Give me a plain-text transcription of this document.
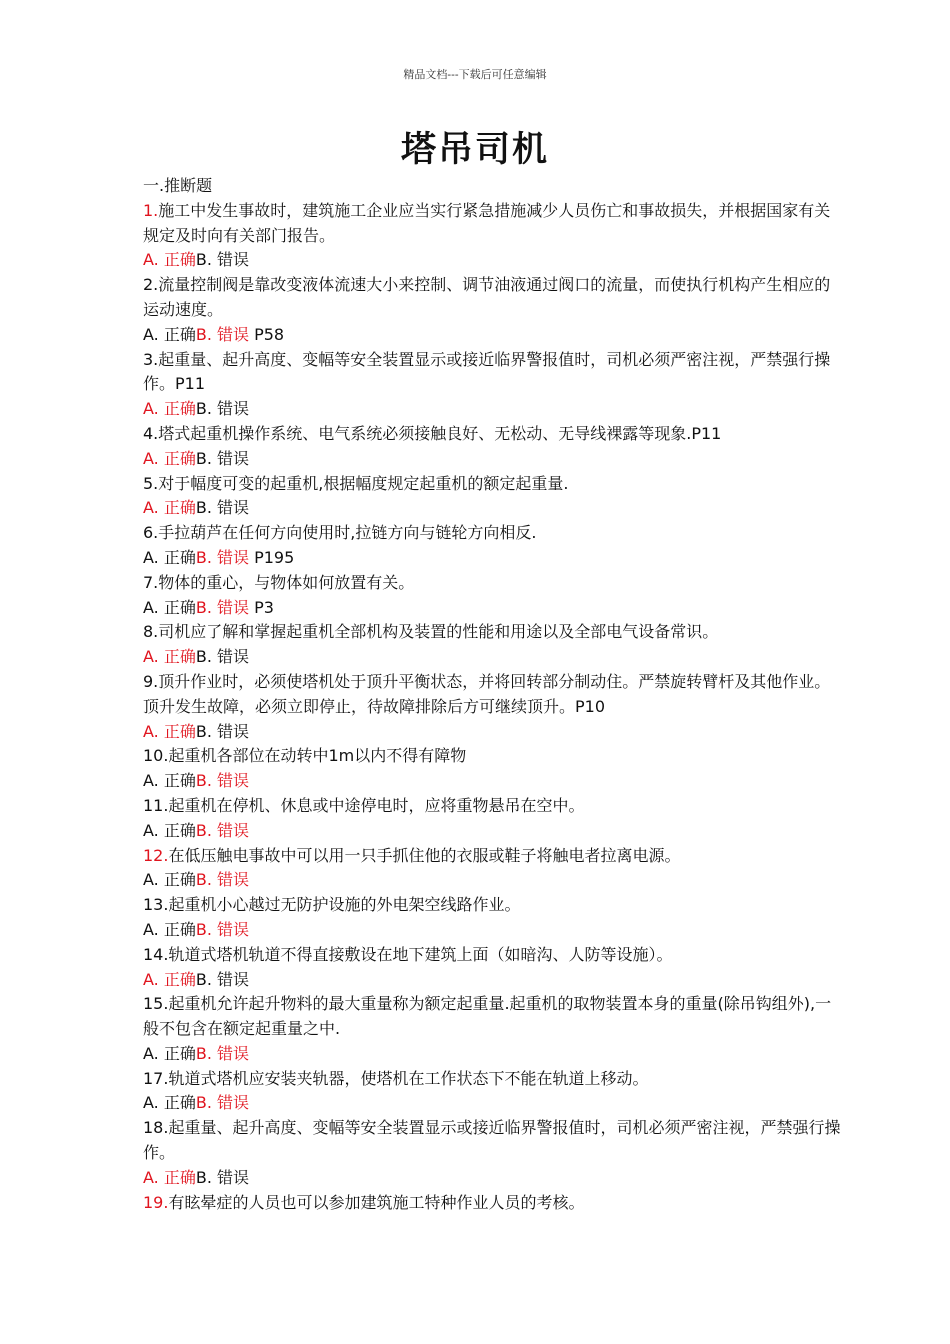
精品文档---下载后可任意编辑
塔吊司机

一.推断题

1.施工中发生事故时，建筑施工企业应当实行紧急措施减少人员伤亡和事故损失，并根据国家有关规定及时向有关部门报告。

A. 正确B. 错误

2.流量控制阀是靠改变液体流速大小来控制、调节油液通过阀口的流量，而使执行机构产生相应的运动速度。

A. 正确B. 错误 P58

3.起重量、起升高度、变幅等安全装置显示或接近临界警报值时，司机必须严密注视，严禁强行操作。P11

A. 正确B. 错误

4.塔式起重机操作系统、电气系统必须接触良好、无松动、无导线裸露等现象.P11

A. 正确B. 错误

5.对于幅度可变的起重机,根据幅度规定起重机的额定起重量.

A. 正确B. 错误

6.手拉葫芦在任何方向使用时,拉链方向与链轮方向相反.

A. 正确B. 错误 P195

7.物体的重心，与物体如何放置有关。

A. 正确B. 错误 P3

8.司机应了解和掌握起重机全部机构及装置的性能和用途以及全部电气设备常识。

A. 正确B. 错误

9.顶升作业时，必须使塔机处于顶升平衡状态，并将回转部分制动住。严禁旋转臂杆及其他作业。顶升发生故障，必须立即停止，待故障排除后方可继续顶升。P10

A. 正确B. 错误

10.起重机各部位在动转中1m以内不得有障物

A. 正确B. 错误

11.起重机在停机、休息或中途停电时，应将重物悬吊在空中。

A. 正确B. 错误

12.在低压触电事故中可以用一只手抓住他的衣服或鞋子将触电者拉离电源。

A. 正确B. 错误

13.起重机小心越过无防护设施的外电架空线路作业。

A. 正确B. 错误

14.轨道式塔机轨道不得直接敷设在地下建筑上面（如暗沟、人防等设施）。

A. 正确B. 错误

15.起重机允许起升物料的最大重量称为额定起重量.起重机的取物装置本身的重量(除吊钩组外),一般不包含在额定起重量之中.

A. 正确B. 错误

17.轨道式塔机应安装夹轨器，使塔机在工作状态下不能在轨道上移动。

A. 正确B. 错误

18.起重量、起升高度、变幅等安全装置显示或接近临界警报值时，司机必须严密注视，严禁强行操作。

A. 正确B. 错误

19.有眩晕症的人员也可以参加建筑施工特种作业人员的考核。
